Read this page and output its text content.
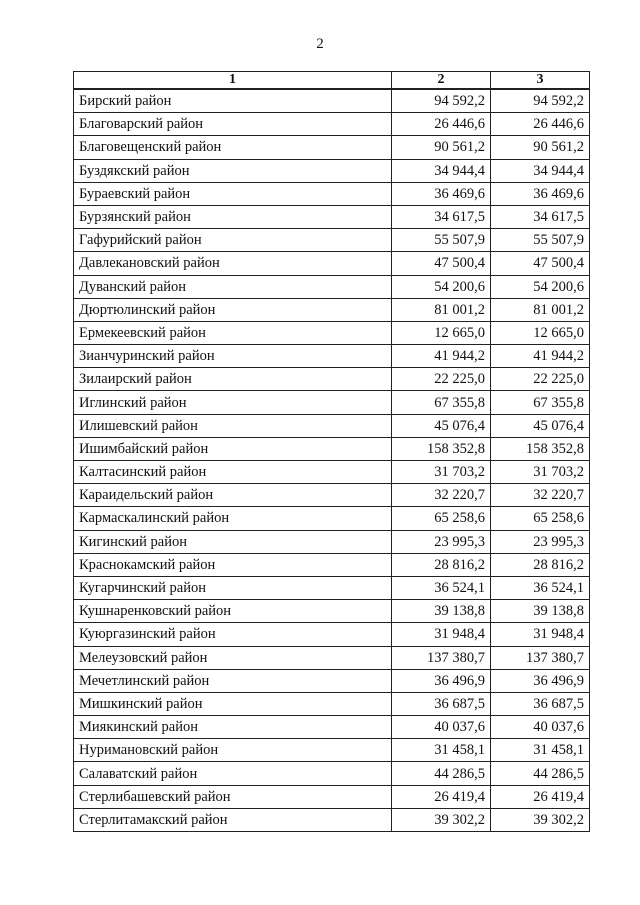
2
1	2	3
Бирский район	94 592,2	94 592,2
Благоварский район	26 446,6	26 446,6
Благовещенский район	90 561,2	90 561,2
Буздякский район	34 944,4	34 944,4
Бураевский район	36 469,6	36 469,6
Бурзянский район	34 617,5	34 617,5
Гафурийский район	55 507,9	55 507,9
Давлекановский район	47 500,4	47 500,4
Дуванский район	54 200,6	54 200,6
Дюртюлинский район	81 001,2	81 001,2
Ермекеевский район	12 665,0	12 665,0
Зианчуринский район	41 944,2	41 944,2
Зилаирский район	22 225,0	22 225,0
Иглинский район	67 355,8	67 355,8
Илишевский район	45 076,4	45 076,4
Ишимбайский район	158 352,8	158 352,8
Калтасинский район	31 703,2	31 703,2
Караидельский район	32 220,7	32 220,7
Кармаскалинский район	65 258,6	65 258,6
Кигинский район	23 995,3	23 995,3
Краснокамский район	28 816,2	28 816,2
Кугарчинский район	36 524,1	36 524,1
Кушнаренковский район	39 138,8	39 138,8
Куюргазинский район	31 948,4	31 948,4
Мелеузовский район	137 380,7	137 380,7
Мечетлинский район	36 496,9	36 496,9
Мишкинский район	36 687,5	36 687,5
Миякинский район	40 037,6	40 037,6
Нуримановский район	31 458,1	31 458,1
Салаватский район	44 286,5	44 286,5
Стерлибашевский район	26 419,4	26 419,4
Стерлитамакский район	39 302,2	39 302,2
